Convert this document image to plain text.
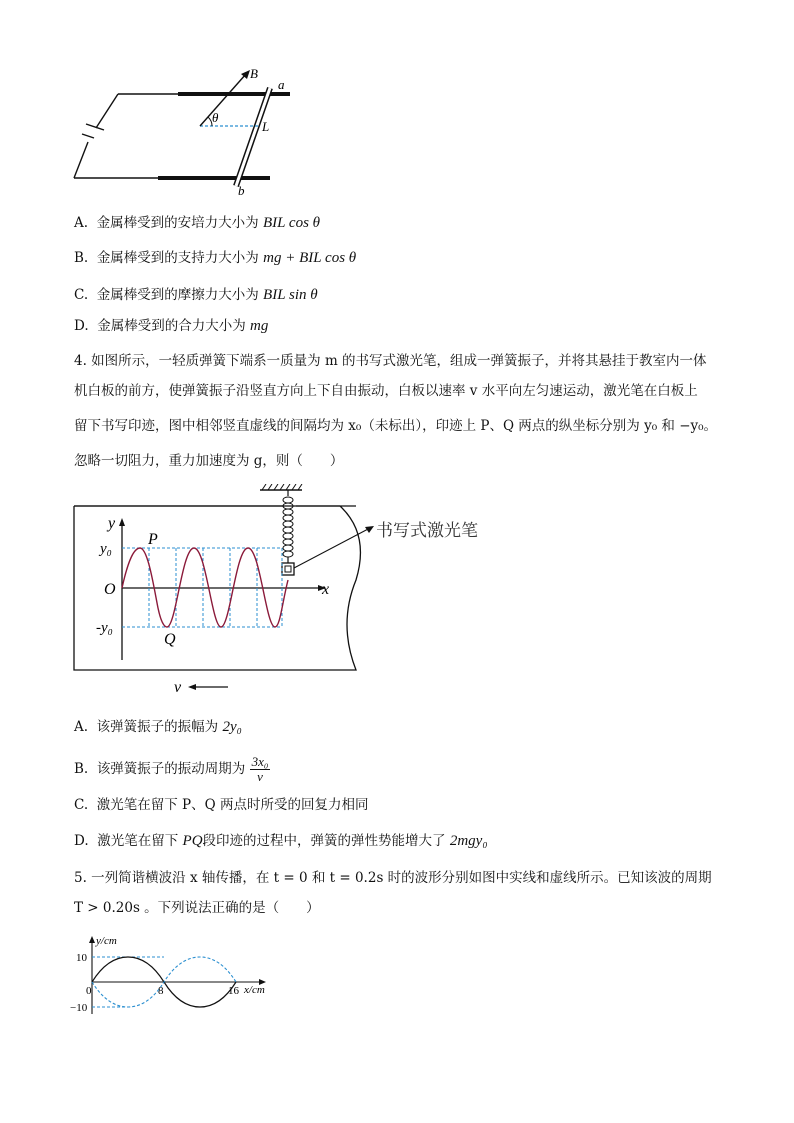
B
a
θ
L
b
A. 金属棒受到的安培力大小为 BIL cos θ
B. 金属棒受到的支持力大小为 mg + BIL cos θ
C. 金属棒受到的摩擦力大小为 BIL sin θ
D. 金属棒受到的合力大小为 mg
4. 如图所示，一轻质弹簧下端系一质量为 m 的书写式激光笔，组成一弹簧振子，并将其悬挂于教室内一体
机白板的前方，使弹簧振子沿竖直方向上下自由振动，白板以速率 v 水平向左匀速运动，激光笔在白板上
留下书写印迹，图中相邻竖直虚线的间隔均为 x₀（未标出），印迹上 P、Q 两点的纵坐标分别为 y₀ 和 −y₀。
忽略一切阻力，重力加速度为 g，则（　　）
书写式激光笔
y
y₀
O
-y₀
P
Q
x
v
A. 该弹簧振子的振幅为 2y₀
B. 该弹簧振子的振动周期为 $\frac{\text{3x₀}}{v}$
C. 激光笔在留下 P、Q 两点时所受的回复力相同
D. 激光笔在留下 PQ段印迹的过程中，弹簧的弹性势能增大了 2mgy₀
5. 一列简谐横波沿 x 轴传播，在 t = 0 和 t = 0.2s 时的波形分别如图中实线和虚线所示。已知该波的周期
T > 0.20s 。下列说法正确的是（　　）
y/cm
10
−10
0	8	16 x/cm
